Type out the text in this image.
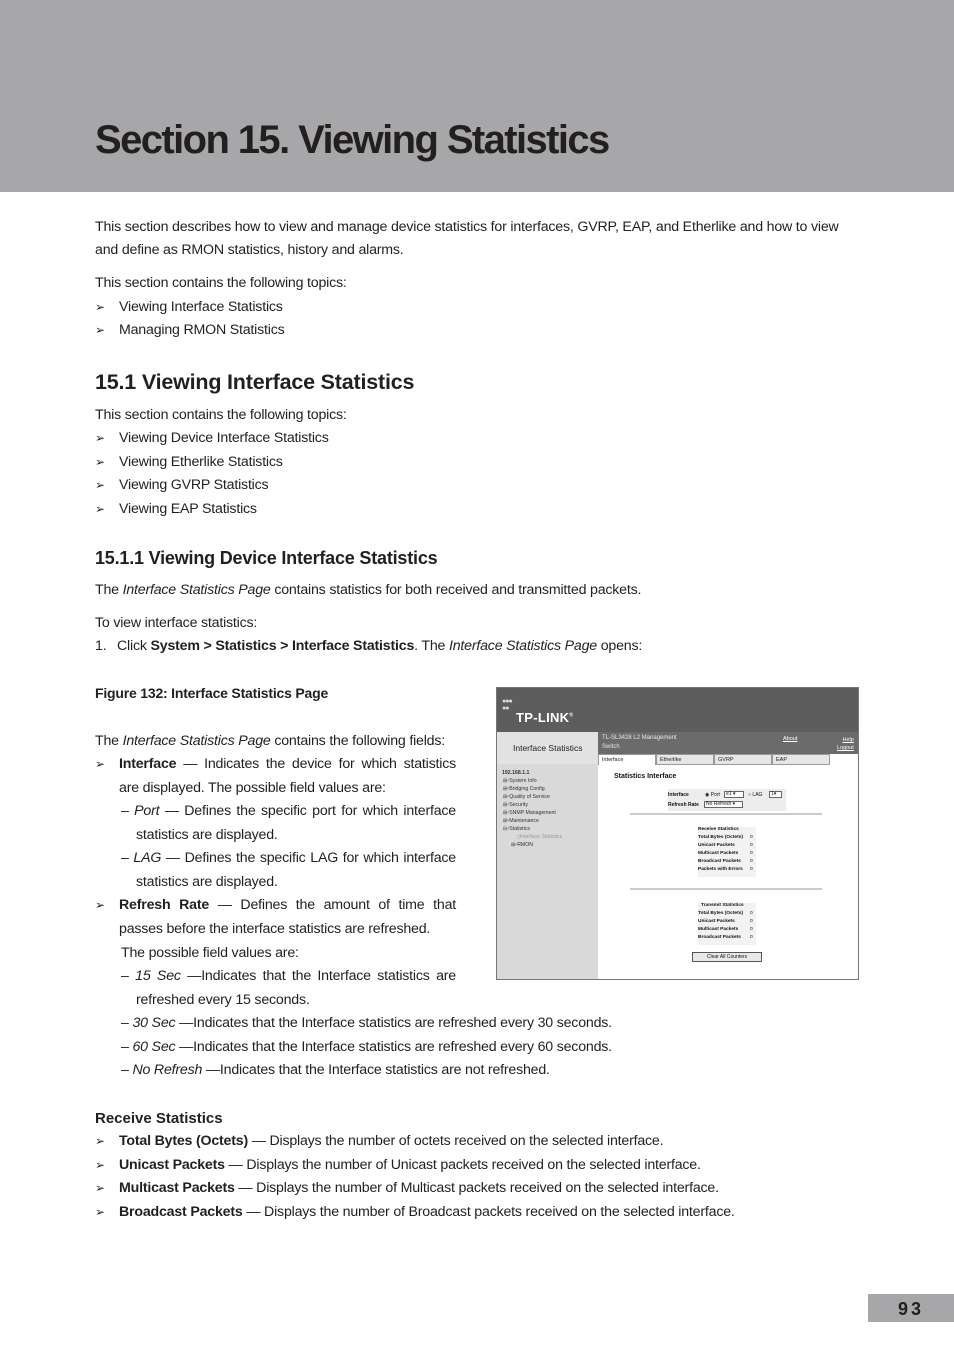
Section 15. Viewing Statistics

This section describes how to view and manage device statistics for interfaces, GVRP, EAP, and Etherlike and how to view

and define as RMON statistics, history and alarms.

This section contains the following topics:

➢ Viewing Interface Statistics
➢ Managing RMON Statistics
15.1 Viewing Interface Statistics

This section contains the following topics:

➢ Viewing Device Interface Statistics
➢ Viewing Etherlike Statistics
➢ Viewing GVRP Statistics
➢ Viewing EAP Statistics
15.1.1 Viewing Device Interface Statistics

The Interface Statistics Page contains statistics for both received and transmitted packets.

To view interface statistics:

1. Click System > Statistics > Interface Statistics. The Interface Statistics Page opens:

Figure 132: Interface Statistics Page
●●●
●●
TP-LINK®
Interface Statistics
TL-SL3428 L2 Management
Switch
About	Help
Logout
Interface	Etherlike	GVRP	EAP
192.168.1.1
⊞▫System Info
⊞▫Bridging Config
⊞▫Quality of Service
⊞▫Security
⊞▫SNMP Management
⊞▫Maintenance
⊟▫Statistics
▯Interface Statistics
⊞▫RMON
Statistics Interface
Interface	◉ Port	e1 ▾	○ LAG	1▾
Refresh Rate	No Refresh ▾
Receive Statistics
Total Bytes (Octets) 0
Unicast Packets	0
Multicast Packets 0
Broadcast Packets 0
Packets with Errors 0
Transmit Statistics
Total Bytes (Octets) 0
Unicast Packets	0
Multicast Packets 0
Broadcast Packets 0
Clear All Counters

The Interface Statistics Page contains the following fields:

➢ Interface — Indicates the device for which statistics

are displayed. The possible field values are:

– Port — Defines the specific port for which interface

statistics are displayed.

– LAG — Defines the specific LAG for which interface

statistics are displayed.

➢ Refresh Rate — Defines the amount of time that

passes before the interface statistics are refreshed.

The possible field values are:

– 15 Sec —Indicates that the Interface statistics are

refreshed every 15 seconds.

– 30 Sec —Indicates that the Interface statistics are refreshed every 30 seconds.

– 60 Sec —Indicates that the Interface statistics are refreshed every 60 seconds.

– No Refresh —Indicates that the Interface statistics are not refreshed.

Receive Statistics
➢ Total Bytes (Octets) — Displays the number of octets received on the selected interface.
➢ Unicast Packets — Displays the number of Unicast packets received on the selected interface.
➢ Multicast Packets — Displays the number of Multicast packets received on the selected interface.
➢ Broadcast Packets — Displays the number of Broadcast packets received on the selected interface.
93
